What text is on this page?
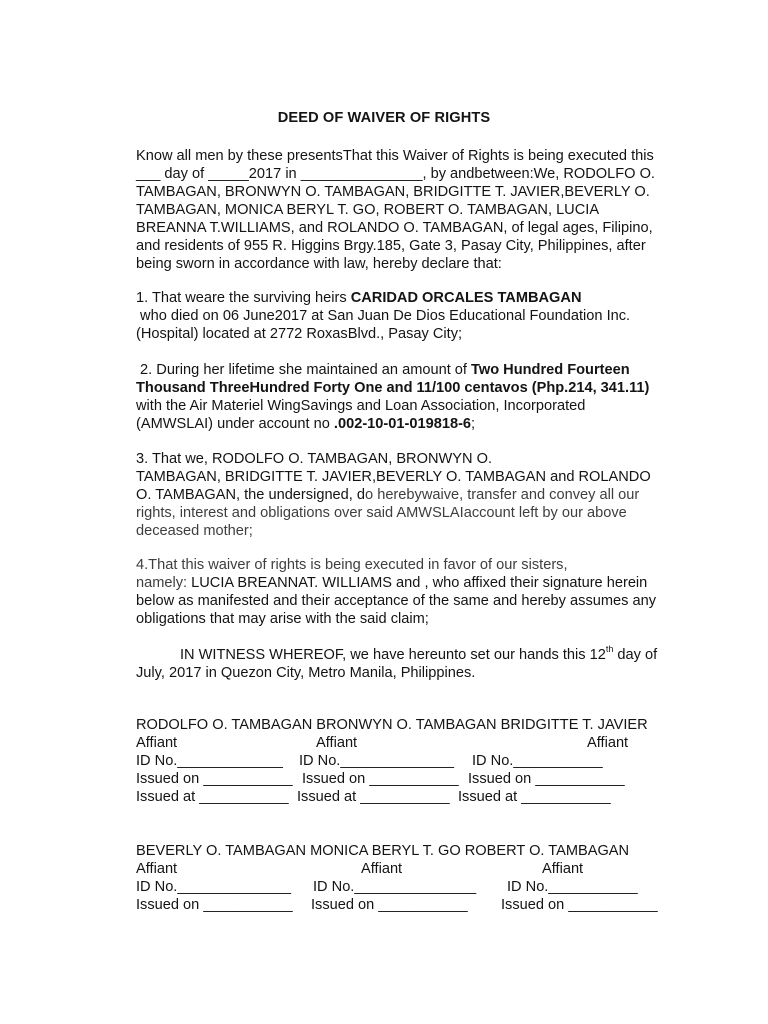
DEED OF WAIVER OF RIGHTS
Know all men by these presentsThat this Waiver of Rights is being executed this
___ day of _____2017 in _______________, by andbetween:We, RODOLFO O.
TAMBAGAN, BRONWYN O. TAMBAGAN, BRIDGITTE T. JAVIER,BEVERLY O.
TAMBAGAN, MONICA BERYL T. GO, ROBERT O. TAMBAGAN, LUCIA
BREANNA T.WILLIAMS, and ROLANDO O. TAMBAGAN, of legal ages, Filipino,
and residents of 955 R. Higgins Brgy.185, Gate 3, Pasay City, Philippines, after
being sworn in accordance with law, hereby declare that:
1. That weare the surviving heirs CARIDAD ORCALES TAMBAGAN
who died on 06 June2017 at San Juan De Dios Educational Foundation Inc.
(Hospital) located at 2772 RoxasBlvd., Pasay City;
2. During her lifetime she maintained an amount of Two Hundred Fourteen
Thousand ThreeHundred Forty One and 11/100 centavos (Php.214, 341.11)
with the Air Materiel WingSavings and Loan Association, Incorporated
(AMWSLAI) under account no .002-10-01-019818-6;
3. That we, RODOLFO O. TAMBAGAN, BRONWYN O.
TAMBAGAN, BRIDGITTE T. JAVIER,BEVERLY O. TAMBAGAN and ROLANDO
O. TAMBAGAN, the undersigned, do herebywaive, transfer and convey all our
rights, interest and obligations over said AMWSLAIaccount left by our above
deceased mother;
4.That this waiver of rights is being executed in favor of our sisters,
namely: LUCIA BREANNAT. WILLIAMS and , who affixed their signature herein
below as manifested and their acceptance of the same and hereby assumes any
obligations that may arise with the said claim;
IN WITNESS WHEREOF, we have hereunto set our hands this 12th day of
July, 2017 in Quezon City, Metro Manila, Philippines.
RODOLFO O. TAMBAGAN BRONWYN O. TAMBAGAN BRIDGITTE T. JAVIER
Affiant	Affiant	Affiant
ID No._____________ ID No.______________ ID No.___________
Issued on ___________ Issued on ___________ Issued on ___________
Issued at ___________ Issued at ___________ Issued at ___________
BEVERLY O. TAMBAGAN MONICA BERYL T. GO ROBERT O. TAMBAGAN
Affiant	Affiant	Affiant
ID No.______________ ID No._______________ ID No.___________
Issued on ___________ Issued on ___________ Issued on ___________
